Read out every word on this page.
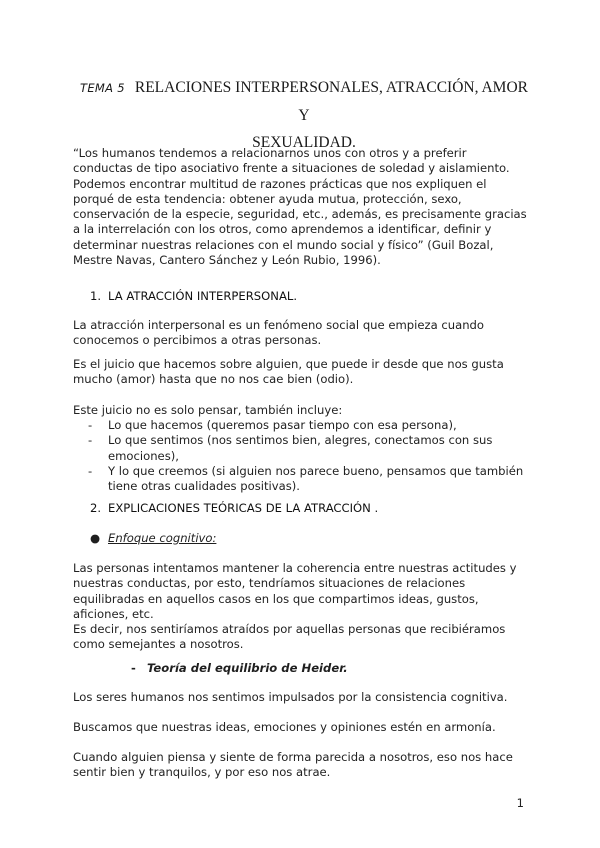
TEMA 5 RELACIONES INTERPERSONALES, ATRACCIÓN, AMOR Y
SEXUALIDAD.

“Los humanos tendemos a relacionarnos unos con otros y a preferir conductas de tipo asociativo frente a situaciones de soledad y aislamiento. Podemos encontrar multitud de razones prácticas que nos expliquen el porqué de esta tendencia: obtener ayuda mutua, protección, sexo, conservación de la especie, seguridad, etc., además, es precisamente gracias a la interrelación con los otros, como aprendemos a identificar, definir y determinar nuestras relaciones con el mundo social y físico” (Guil Bozal, Mestre Navas, Cantero Sánchez y León Rubio, 1996).

1. LA ATRACCIÓN INTERPERSONAL.

La atracción interpersonal es un fenómeno social que empieza cuando conocemos o percibimos a otras personas.

Es el juicio que hacemos sobre alguien, que puede ir desde que nos gusta mucho (amor) hasta que no nos cae bien (odio).

Este juicio no es solo pensar, también incluye:

- Lo que hacemos (queremos pasar tiempo con esa persona),
- Lo que sentimos (nos sentimos bien, alegres, conectamos con sus emociones),
- Y lo que creemos (si alguien nos parece bueno, pensamos que también tiene otras cualidades positivas).
2. EXPLICACIONES TEÓRICAS DE LA ATRACCIÓN .
● Enfoque cognitivo:

Las personas intentamos mantener la coherencia entre nuestras actitudes y nuestras conductas, por esto, tendríamos situaciones de relaciones equilibradas en aquellos casos en los que compartimos ideas, gustos, aficiones, etc.

Es decir, nos sentiríamos atraídos por aquellas personas que recibiéramos como semejantes a nosotros.

- Teoría del equilibrio de Heider.

Los seres humanos nos sentimos impulsados por la consistencia cognitiva.

Buscamos que nuestras ideas, emociones y opiniones estén en armonía.

Cuando alguien piensa y siente de forma parecida a nosotros, eso nos hace sentir bien y tranquilos, y por eso nos atrae.

1
